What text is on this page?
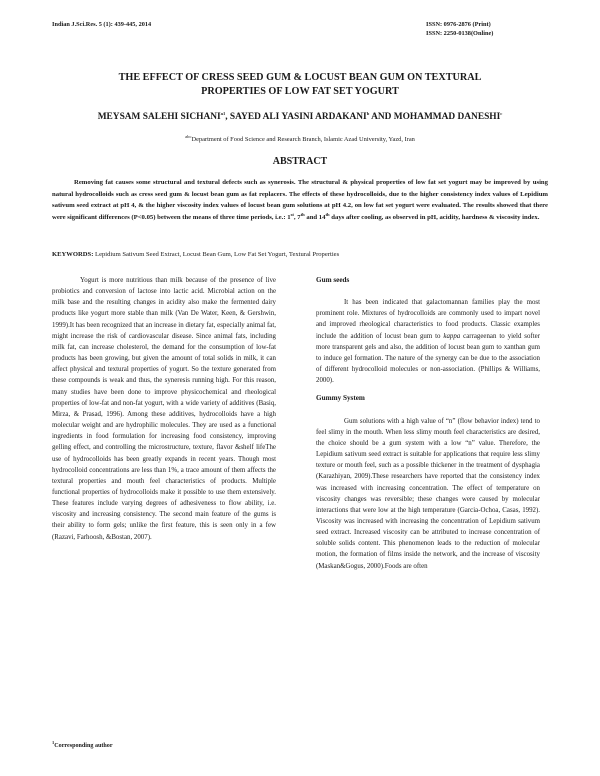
Indian J.Sci.Res. 5 (1): 439-445, 2014	ISSN: 0976-2876 (Print)
ISSN: 2250-0138(Online)
THE EFFECT OF CRESS SEED GUM & LOCUST BEAN GUM ON TEXTURAL
PROPERTIES OF LOW FAT SET YOGURT
MEYSAM SALEHI $SICHANI^{a1}$, SAYED ALI YASINI ARDAKANI$^b$ AND MOHAMMAD DANESHI$^c$
$^{abc}$Department of Food Science and Research Branch, Islamic Azad University, Yazd, Iran
ABSTRACT
Removing fat causes some structural and textural defects such as synerosis. The structural & physical properties of low fat set yogurt may be improved by using natural hydrocolloids such as cress seed gum & locust bean gum as fat replacers. The effects of these hydrocolloids, due to the higher consistency index values of Lepidium sativum seed extract at pH 4, & the higher viscosity index values of locust bean gum solutions at pH 4.2, on low fat set yogurt were evaluated. The results showed that there were significant differences (P<0.05) between the means of three time periods, i.e.: 1st, 7th and 14th days after cooling, as observed in pH, acidity, hardness & viscosity index.
KEYWORDS: Lepidium Sativum Seed Extract, Locust Bean Gum, Low Fat Set Yogurt, Textural Properties

Yogurt is more nutritious than milk because of the presence of live probiotics and conversion of lactose into lactic acid. Microbial action on the milk base and the resulting changes in acidity also make the fermented dairy products like yogurt more stable than milk (Van De Water, Keen, & Gershwin, 1999).It has been recognized that an increase in dietary fat, especially animal fat, might increase the risk of cardiovascular disease. Since animal fats, including milk fat, can increase cholesterol, the demand for the consumption of low-fat products has been growing, but given the amount of total solids in milk, it can affect physical and textural properties of yogurt. So the texture generated from these compounds is weak and thus, the syneresis running high. For this reason, many studies have been done to improve physicochemical and rheological properties of low-fat and non-fat yogurt, with a wide variety of additives (Basiq, Mirza, & Prasad, 1996). Among these additives, hydrocolloids have a high molecular weight and are hydrophilic molecules. They are used as a functional ingredients in food formulation for increasing food consistency, improving gelling effect, and controlling the microstructure, texture, flavor &shelf lifeThe use of hydrocolloids has been greatly expands in recent years. Though most hydrocolloid concentrations are less than 1%, a trace amount of them affects the textural properties and mouth feel characteristics of products. Multiple functional properties of hydrocolloids make it possible to use them extensively. These features include varying degrees of adhesiveness to flow ability, i.e. viscosity and increasing consistency. The second main feature of the gums is their ability to form gels; unlike the first feature, this is seen only in a few (Razavi, Farhoosh, &Bostan, 2007).

Gum seeds

It has been indicated that galactomannan families play the most prominent role. Mixtures of hydrocolloids are commonly used to impart novel and improved rheological characteristics to food products. Classic examples include the addition of locust bean gum to kappa carrageenan to yield softer more transparent gels and also, the addition of locust bean gum to xanthan gum to induce gel formation. The nature of the synergy can be due to the association of different hydrocolloid molecules or non-association. (Phillips & Williams, 2000).

Gummy System

Gum solutions with a high value of “n” (flow behavior index) tend to feel slimy in the mouth. When less slimy mouth feel characteristics are desired, the choice should be a gum system with a low “n” value. Therefore, the Lepidium sativum seed extract is suitable for applications that require less slimy texture or mouth feel, such as a possible thickener in the treatment of dysphagia (Karazhiyan, 2009).These researchers have reported that the consistency index was increased with increasing concentration. The effect of temperature on viscosity changes was reversible; these changes were caused by molecular interactions that were low at the high temperature (Garcia-Ochoa, Casas, 1992). Viscosity was increased with increasing the concentration of Lepidium sativum seed extract. Increased viscosity can be attributed to increase concentration of soluble solids content. This phenomenon leads to the reduction of molecular motion, the formation of films inside the network, and the increase of viscosity (Maskan&Gogus, 2000).Foods are often

$^1$Corresponding author
